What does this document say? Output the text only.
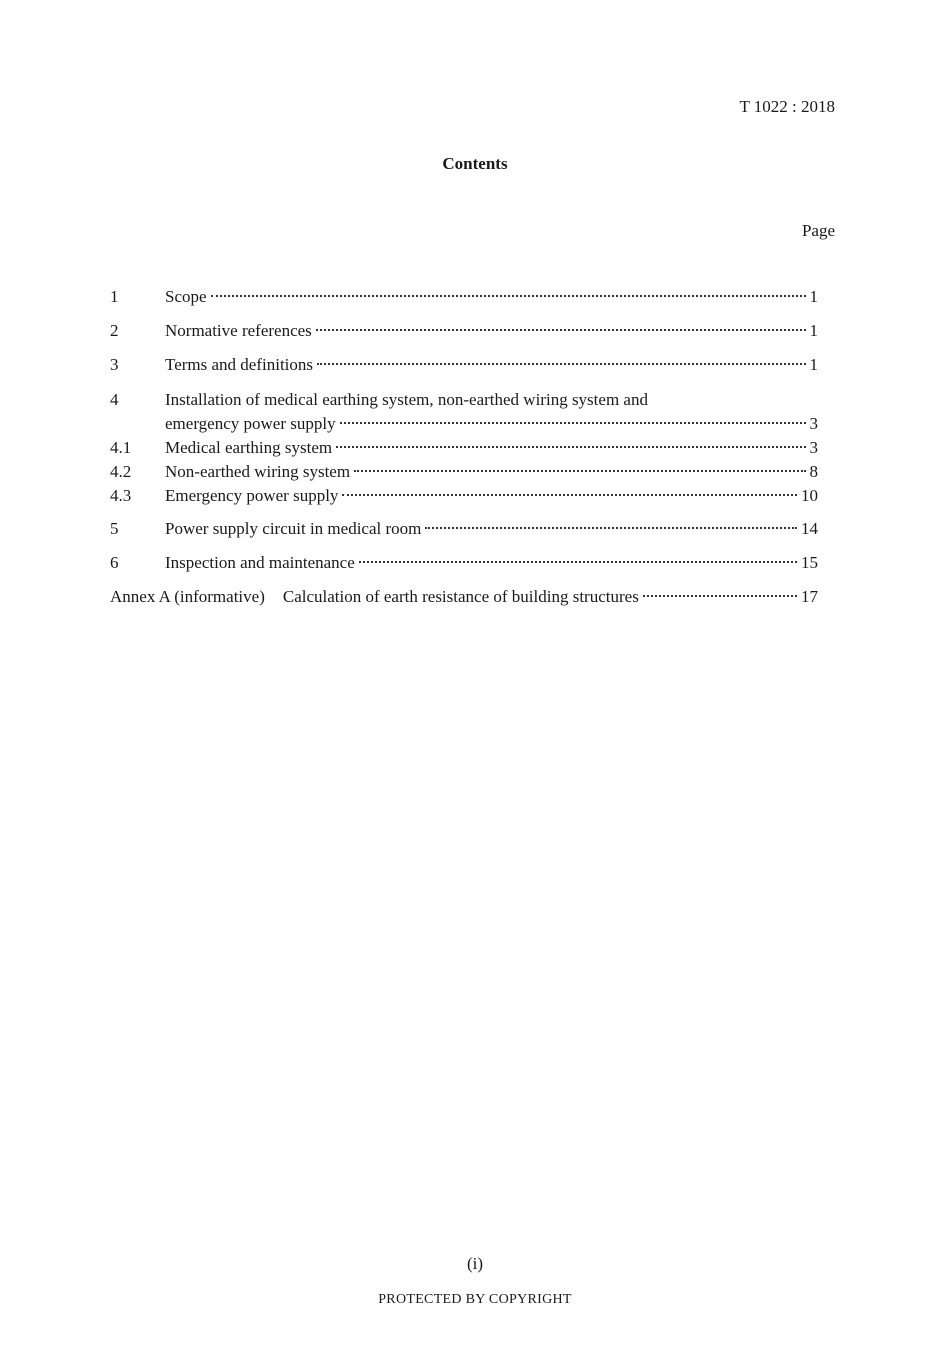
T 1022 : 2018
Contents
Page
1	Scope	1
2	Normative references	1
3	Terms and definitions	1
4	Installation of medical earthing system, non-earthed wiring system and
emergency power supply	3
4.1	Medical earthing system	3
4.2	Non-earthed wiring system	8
4.3	Emergency power supply	10
5	Power supply circuit in medical room	14
6	Inspection and maintenance	15
Annex A (informative) Calculation of earth resistance of building structures	17
(i)
PROTECTED BY COPYRIGHT
